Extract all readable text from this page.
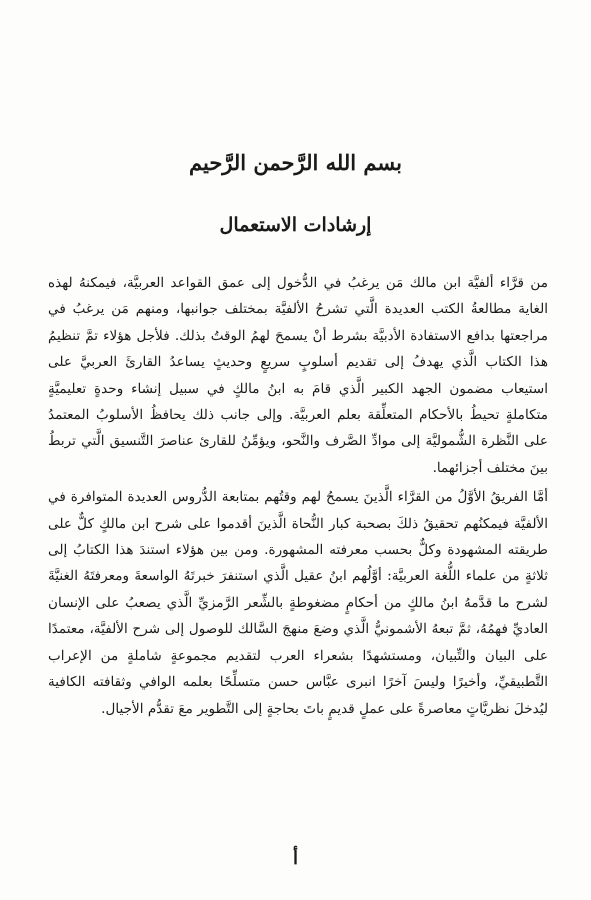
بسم الله الرَّحمن الرَّحيم
إرشادات الاستعمال

من قرَّاء ألفيَّة ابن مالك مَن يرغبُ في الدُّخول إلى عمق القواعد العربيَّة، فيمكنهُ لهذه الغاية مطالعةُ الكتب العديدة الَّتي تشرحُ الألفيَّة بمختلف جوانبها، ومنهم مَن يرغبُ في مراجعتها بدافع الاستفادة الأدبيَّة بشرط أنْ يسمحَ لهمُ الوقتُ بذلك. فلأجل هؤلاء تمَّ تنظيمُ هذا الكتاب الَّذي يهدفُ إلى تقديم أسلوبٍ سريعٍ وحديثٍ يساعدُ القارئَ العربيَّ على استيعاب مضمون الجهد الكبير الَّذي قامَ به ابنُ مالكٍ في سبيل إنشاء وحدةٍ تعليميَّةٍ متكاملةٍ تحيطُ بالأحكام المتعلِّقة بعلم العربيَّة. وإلى جانب ذلك يحافظُ الأسلوبُ المعتمدُ على النَّظرة الشُّموليَّة إلى موادِّ الصَّرف والنَّحو، ويؤمِّنُ للقارئ عناصرَ التَّنسيق الَّتي تربطُ بينَ مختلف أجزائهما.

أمَّا الفريقُ الأوَّلُ من القرَّاء الَّذينَ يسمحُ لهم وقتُهم بمتابعة الدُّروس العديدة المتوافرة في الألفيَّة فيمكنُهم تحقيقُ ذلكَ بصحبة كبار النُّحاة الَّذينَ أقدموا على شرح ابن مالكٍ كلٌّ على طريقته المشهودة وكلٌّ بحسب معرفته المشهورة. ومن بين هؤلاء استندَ هذا الكتابُ إلى ثلاثةٍ من علماء اللُّغة العربيَّة: أوَّلُهم ابنُ عقيل الَّذي استنفرَ خبرتَهُ الواسعةَ ومعرفتَهُ الغنيَّةَ لشرح ما قدَّمهُ ابنُ مالكٍ من أحكامٍ مضغوطةٍ بالشِّعر الرَّمزيِّ الَّذي يصعبُ على الإنسان العاديِّ فهمُهُ، ثمَّ تبعهُ الأشمونيُّ الَّذي وضعَ منهجَ السَّالك للوصول إلى شرح الألفيَّة، معتمدًا على البيان والتِّبيان، ومستشهدًا بشعراء العرب لتقديم مجموعةٍ شاملةٍ من الإعراب التَّطبيقيِّ، وأخيرًا وليسَ آخرًا انبرى عبَّاس حسن متسلِّحًا بعلمه الوافي وثقافته الكافية ليُدخلَ نظريَّاتٍ معاصرةً على عملٍ قديمٍ باتَ بحاجةٍ إلى التَّطوير معَ تقدُّم الأجيال.

أ
